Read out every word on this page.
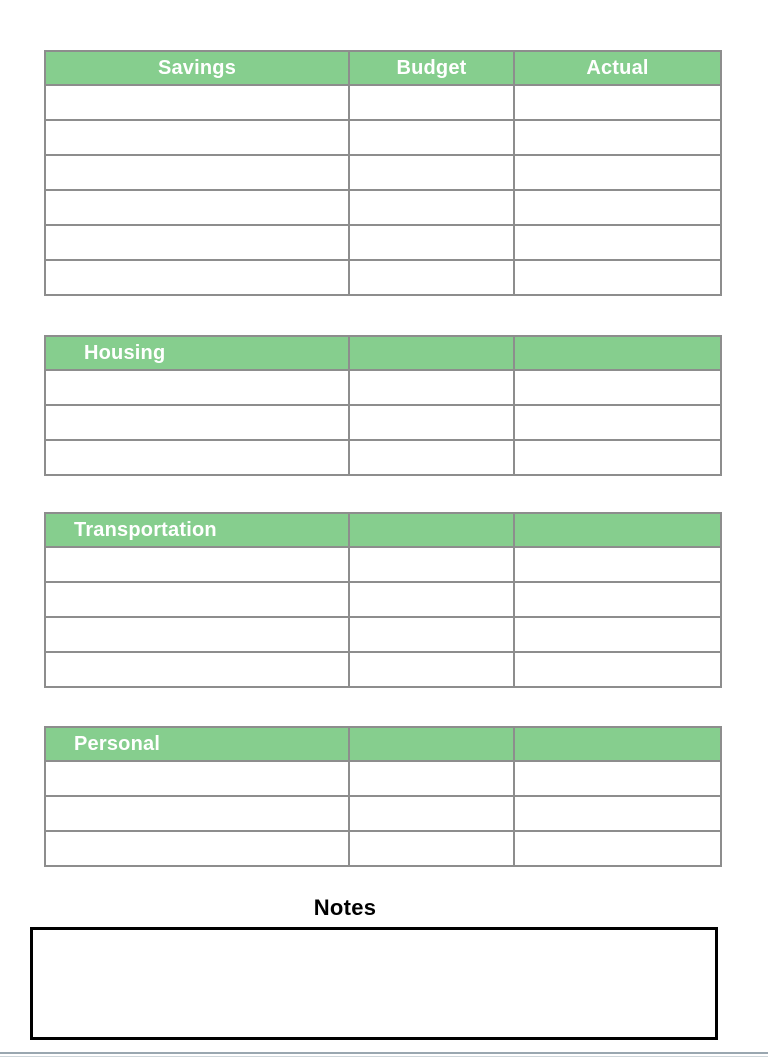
Savings	Budget	Actual

Housing		

Transportation		

Personal		

Notes
